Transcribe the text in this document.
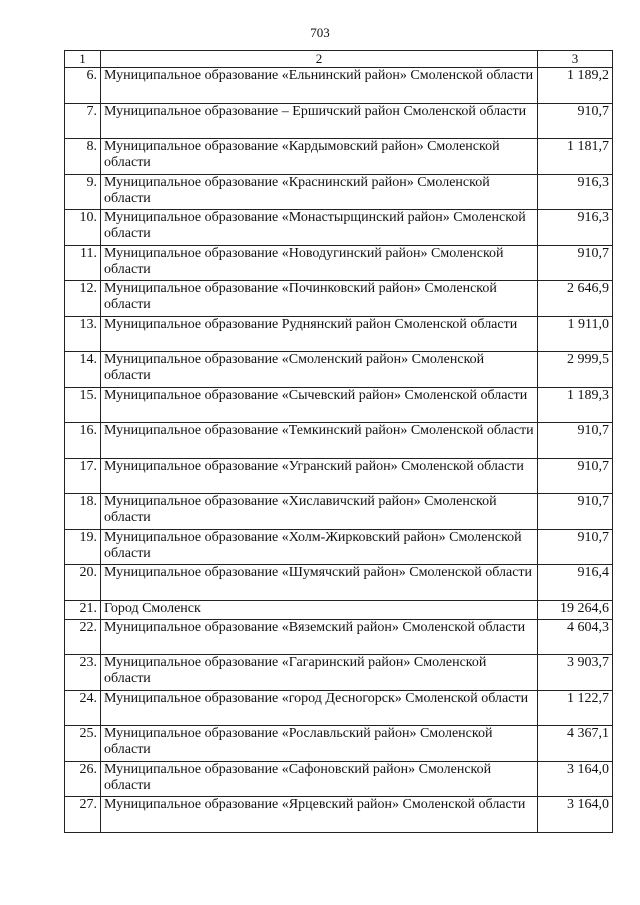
703
1	2	3
6.	Муниципальное образование «Ельнинский район» Смоленской области	1 189,2
7.	Муниципальное образование – Ершичский район Смоленской области	910,7
8.	Муниципальное образование «Кардымовский район» Смоленской области	1 181,7
9.	Муниципальное образование «Краснинский район» Смоленской области	916,3
10.	Муниципальное образование «Монастырщинский район» Смоленской области	916,3
11.	Муниципальное образование «Новодугинский район» Смоленской области	910,7
12.	Муниципальное образование «Починковский район» Смоленской области	2 646,9
13.	Муниципальное образование Руднянский район Смоленской области	1 911,0
14.	Муниципальное образование «Смоленский район» Смоленской области	2 999,5
15.	Муниципальное образование «Сычевский район» Смоленской области	1 189,3
16.	Муниципальное образование «Темкинский район» Смоленской области	910,7
17.	Муниципальное образование «Угранский район» Смоленской области	910,7
18.	Муниципальное образование «Хиславичский район» Смоленской области	910,7
19.	Муниципальное образование «Холм-Жирковский район» Смоленской области	910,7
20.	Муниципальное образование «Шумячский район» Смоленской области	916,4
21.	Город Смоленск	19 264,6
22.	Муниципальное образование «Вяземский район» Смоленской области	4 604,3
23.	Муниципальное образование «Гагаринский район» Смоленской области	3 903,7
24.	Муниципальное образование «город Десногорск» Смоленской области	1 122,7
25.	Муниципальное образование «Рославльский район» Смоленской области	4 367,1
26.	Муниципальное образование «Сафоновский район» Смоленской области	3 164,0
27.	Муниципальное образование «Ярцевский район» Смоленской области	3 164,0
